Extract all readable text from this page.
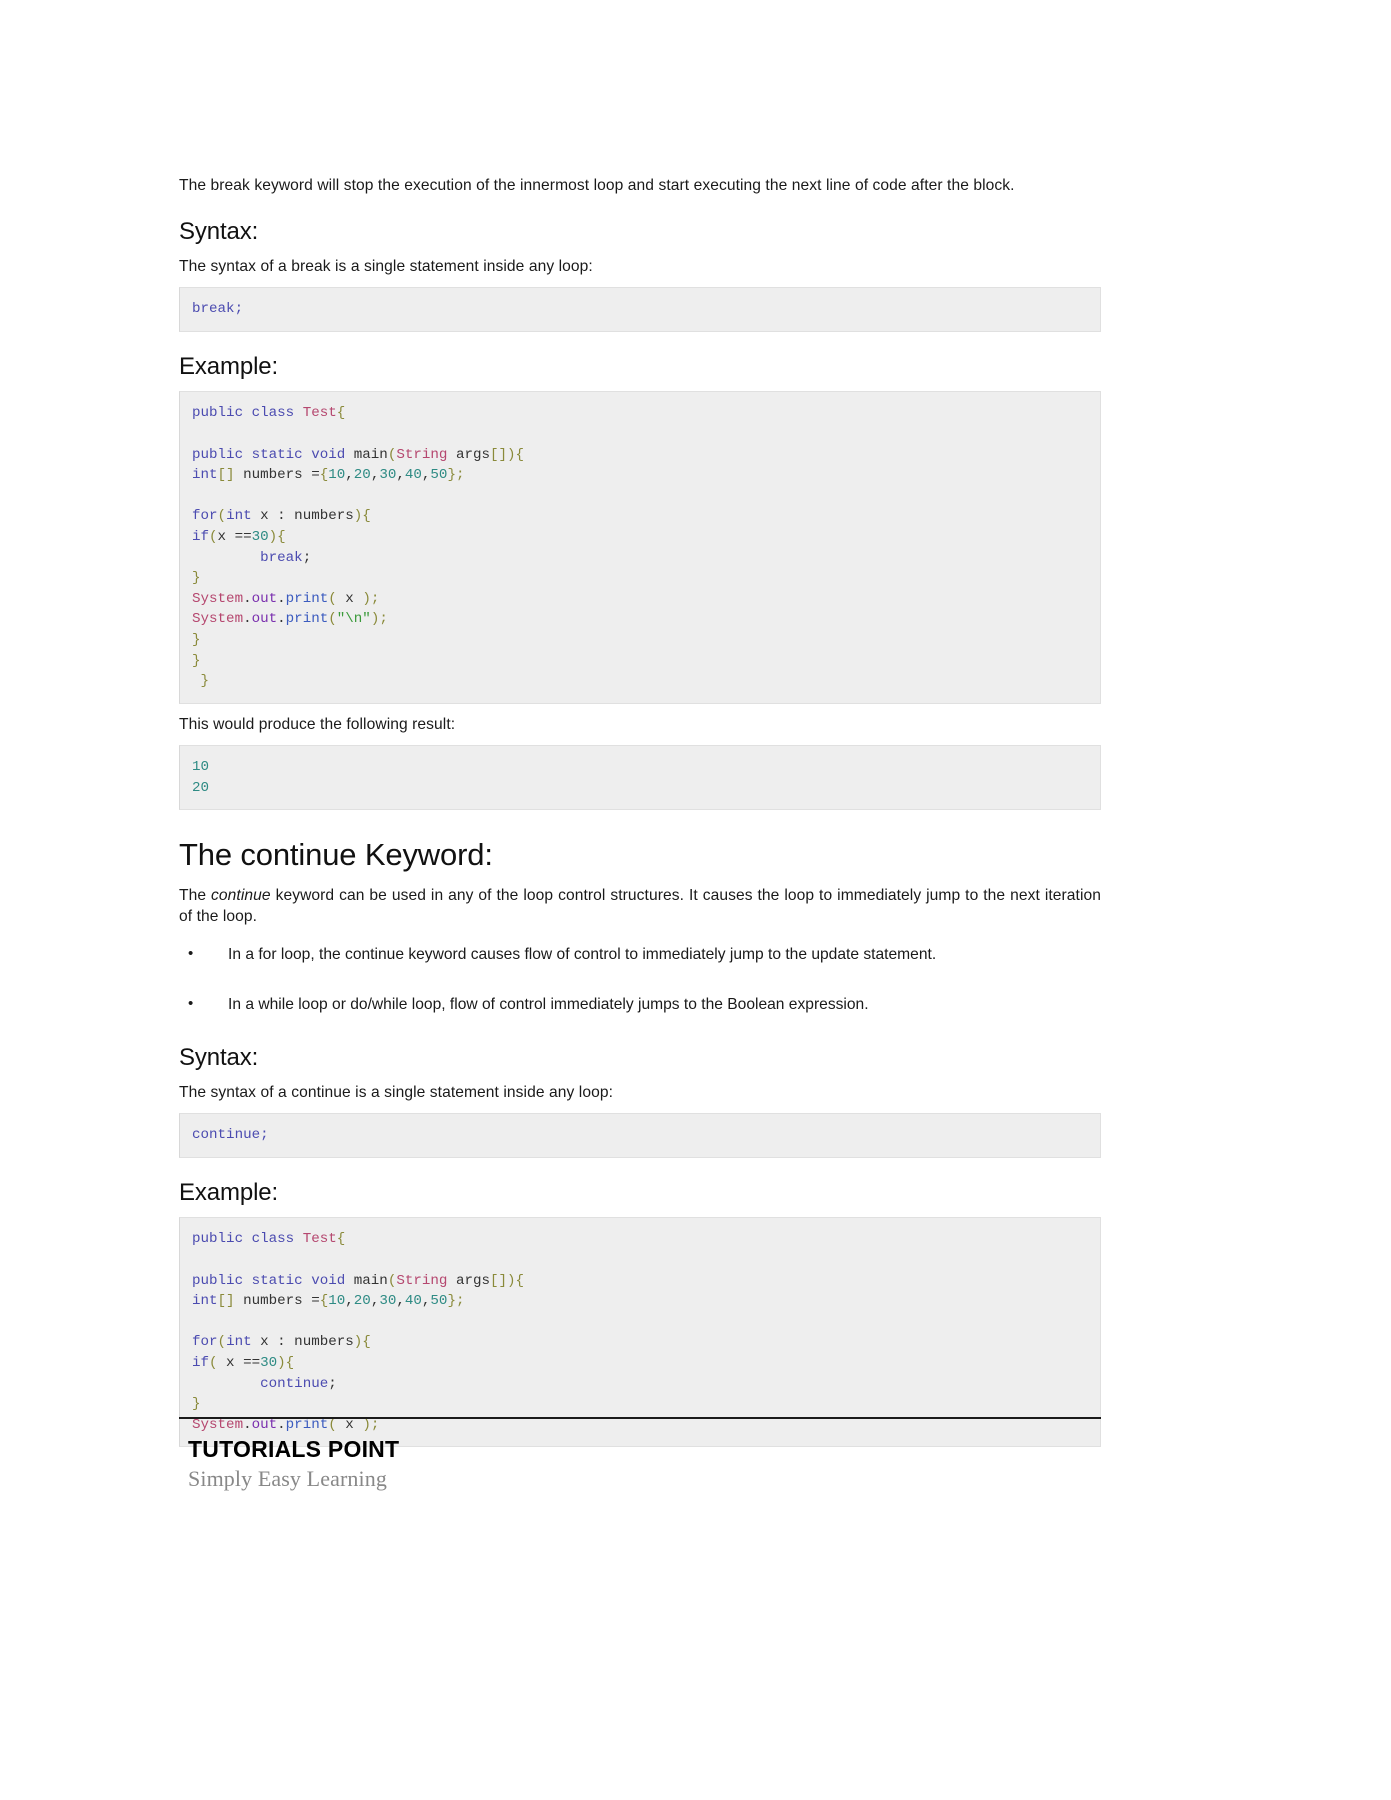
The break keyword will stop the execution of the innermost loop and start executing the next line of code after the block.

Syntax:

The syntax of a break is a single statement inside any loop:

break;
Example:
public class Test{

public static void main(String args[]){
int[] numbers ={10,20,30,40,50};

for(int x : numbers){
if(x ==30){
break;
}
System.out.print( x );
System.out.print("\n");
}
}
}

This would produce the following result:

10
20
The continue Keyword:

The continue keyword can be used in any of the loop control structures. It causes the loop to immediately jump to the next iteration of the loop.

• In a for loop, the continue keyword causes flow of control to immediately jump to the update statement.
• In a while loop or do/while loop, flow of control immediately jumps to the Boolean expression.
Syntax:

The syntax of a continue is a single statement inside any loop:

continue;
Example:
public class Test{

public static void main(String args[]){
int[] numbers ={10,20,30,40,50};

for(int x : numbers){
if( x ==30){
continue;
}
System.out.print( x );
TUTORIALS POINT
Simply Easy Learning
